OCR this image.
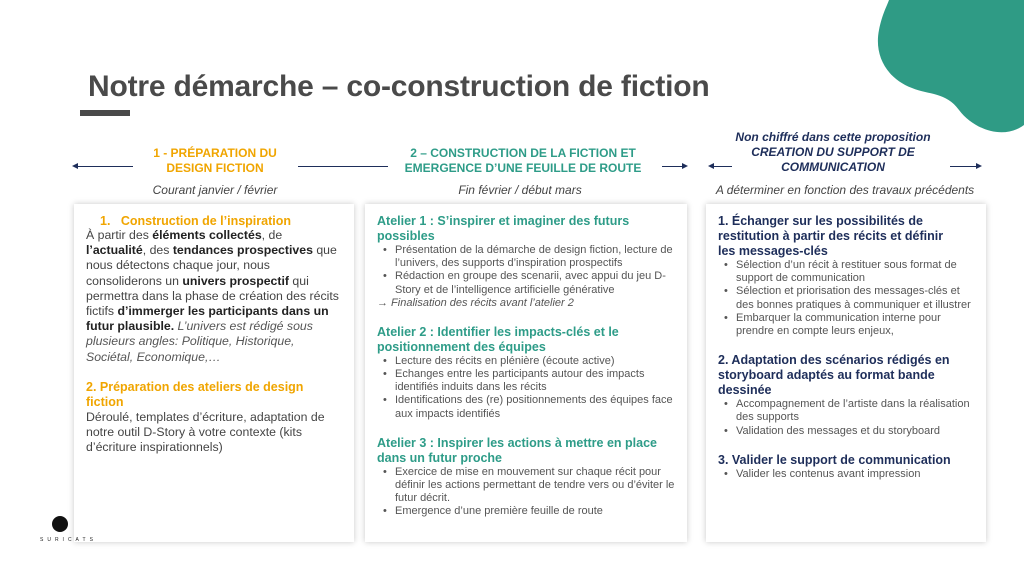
Notre démarche – co-construction de fiction
1 - PRÉPARATION DU
DESIGN FICTION
2 – CONSTRUCTION DE LA FICTION ET
EMERGENCE D’UNE FEUILLE DE ROUTE
Non chiffré dans cette proposition
CREATION DU SUPPORT DE
COMMUNICATION
Courant janvier / février	Fin février / début mars	A déterminer en fonction des travaux précédents
1. Construction de l’inspiration
À partir des éléments collectés, de l’actualité, des tendances prospectives que nous détectons chaque jour, nous consoliderons un univers prospectif qui permettra dans la phase de création des récits fictifs d’immerger les participants dans un futur plausible. L’univers est rédigé sous plusieurs angles: Politique, Historique, Sociétal, Economique,…
2. Préparation des ateliers de design
fiction
Déroulé, templates d’écriture, adaptation de notre outil D-Story à votre contexte (kits d’écriture inspirationnels)
Atelier 1 : S’inspirer et imaginer des futurs
possibles
• Présentation de la démarche de design fiction, lecture de l’univers, des supports d’inspiration prospectifs
• Rédaction en groupe des scenarii, avec appui du jeu D-Story et de l’intelligence artificielle générative
→ Finalisation des récits avant l’atelier 2
Atelier 2 : Identifier les impacts-clés et le
positionnement des équipes
• Lecture des récits en plénière (écoute active)
• Echanges entre les participants autour des impacts identifiés induits dans les récits
• Identifications des (re) positionnements des équipes face aux impacts identifiés
Atelier 3 : Inspirer les actions à mettre en place
dans un futur proche
• Exercice de mise en mouvement sur chaque récit pour définir les actions permettant de tendre vers ou d’éviter le futur décrit.
• Emergence d’une première feuille de route
1. Échanger sur les possibilités de
restitution à partir des récits et définir
les messages-clés
• Sélection d’un récit à restituer sous format de support de communication
• Sélection et priorisation des messages-clés et des bonnes pratiques à communiquer et illustrer
• Embarquer la communication interne pour prendre en compte leurs enjeux,
2. Adaptation des scénarios rédigés en
storyboard adaptés au format bande
dessinée
• Accompagnement de l’artiste dans la réalisation des supports
• Validation des messages et du storyboard
3. Valider le support de communication
• Valider les contenus avant impression
SURICATS
